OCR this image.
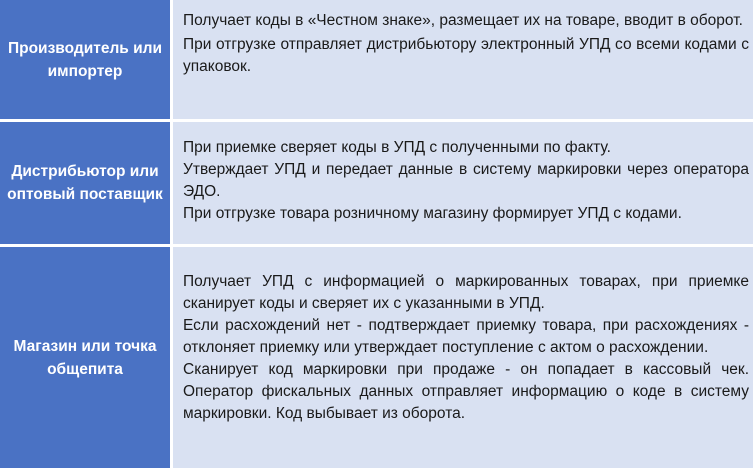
Производитель или импортер

Получает коды в «Честном знаке», размещает их на товаре, вводит в оборот.

При отгрузке отправляет дистрибьютору электронный УПД со всеми кодами с упаковок.

Дистрибьютор или оптовый поставщик

При приемке сверяет коды в УПД с полученными по факту.

Утверждает УПД и передает данные в систему маркировки через оператора ЭДО.

При отгрузке товара розничному магазину формирует УПД с кодами.

Магазин или точка общепита

Получает УПД с информацией о маркированных товарах, при приемке сканирует коды и сверяет их с указанными в УПД.

Если расхождений нет - подтверждает приемку товара, при расхождениях - отклоняет приемку или утверждает поступление с актом о расхождении.

Сканирует код маркировки при продаже - он попадает в кассовый чек. Оператор фискальных данных отправляет информацию о коде в систему маркировки. Код выбывает из оборота.
